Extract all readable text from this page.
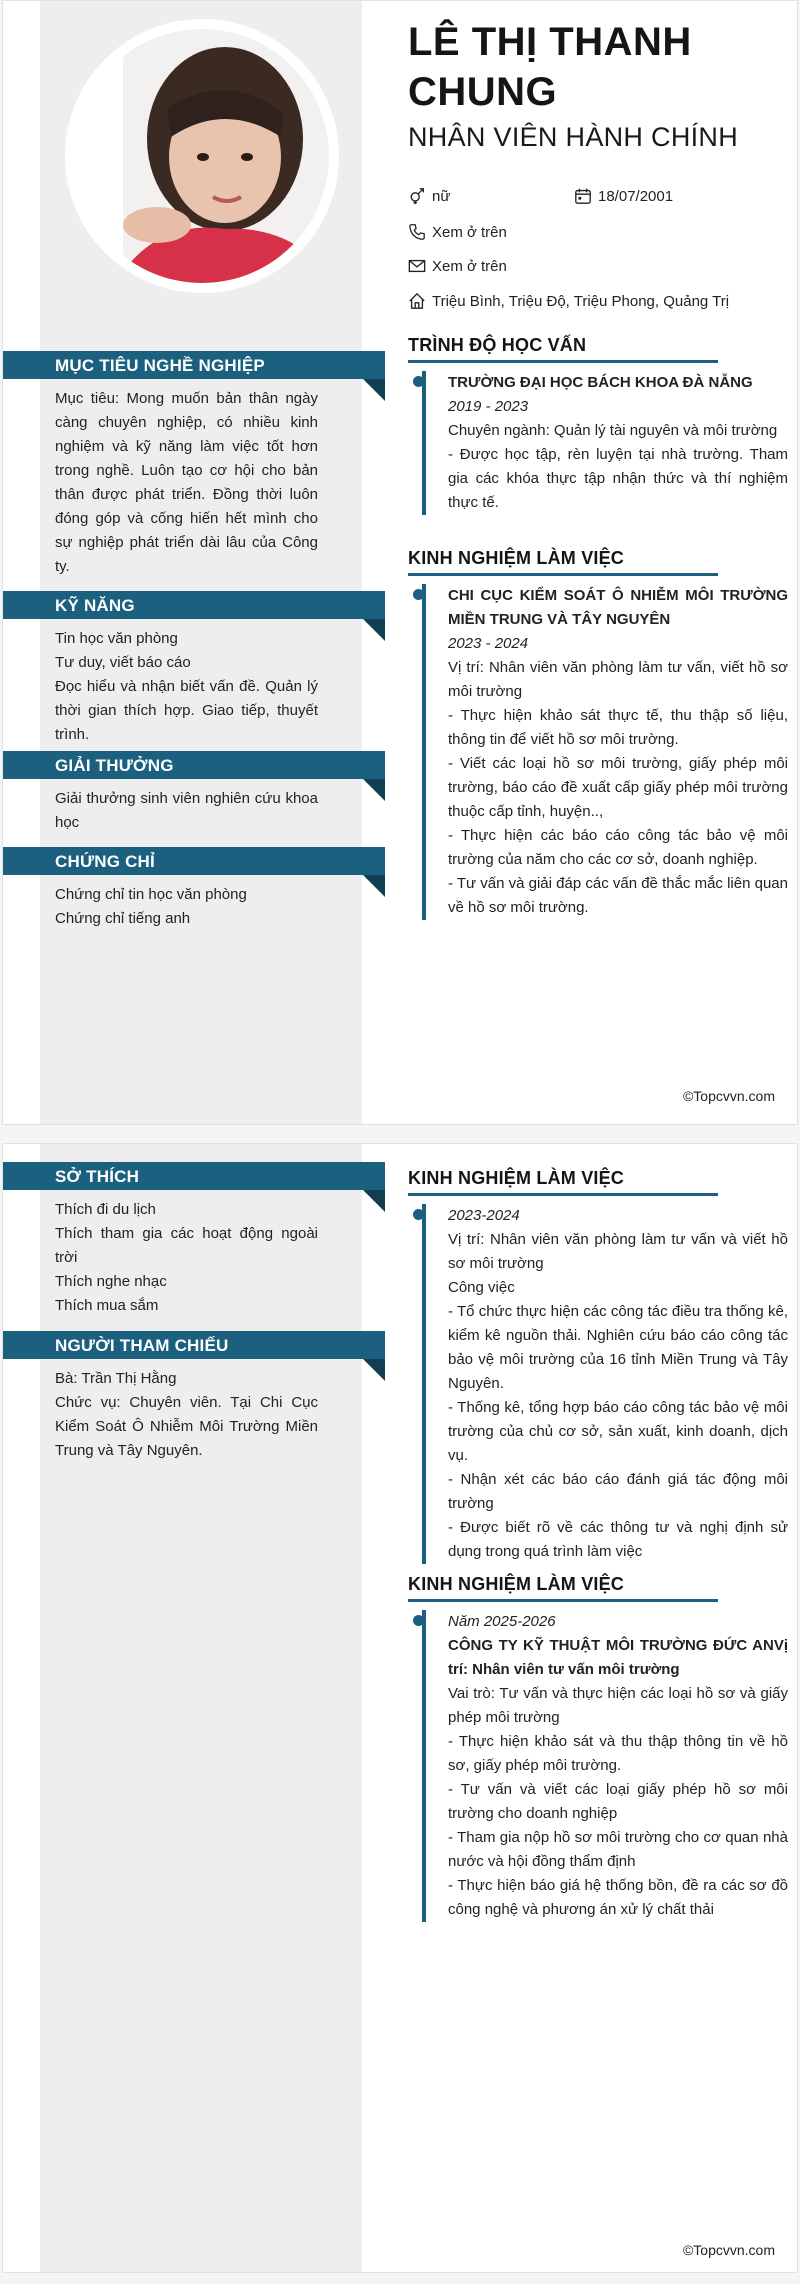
LÊ THỊ THANH
CHUNG
NHÂN VIÊN HÀNH CHÍNH
nữ	18/07/2001
Xem ở trên
Xem ở trên
Triệu Bình, Triệu Độ, Triệu Phong, Quảng Trị
MỤC TIÊU NGHỀ NGHIỆP
Mục tiêu: Mong muốn bản thân ngày càng chuyên nghiệp, có nhiều kinh nghiệm và kỹ năng làm việc tốt hơn trong nghề. Luôn tạo cơ hội cho bản thân được phát triển. Đồng thời luôn đóng góp và cống hiến hết mình cho sự nghiệp phát triển dài lâu của Công ty.
KỸ NĂNG
Tin học văn phòng
Tư duy, viết báo cáo
Đọc hiểu và nhận biết vấn đề. Quản lý thời gian thích hợp. Giao tiếp, thuyết trình.
GIẢI THƯỞNG
Giải thưởng sinh viên nghiên cứu khoa học
CHỨNG CHỈ
Chứng chỉ tin học văn phòng
Chứng chỉ tiếng anh
TRÌNH ĐỘ HỌC VẤN

TRƯỜNG ĐẠI HỌC BÁCH KHOA ĐÀ NẴNG

2019 - 2023

Chuyên ngành: Quản lý tài nguyên và môi trường

- Được học tập, rèn luyện tại nhà trường. Tham gia các khóa thực tập nhận thức và thí nghiệm thực tế.

KINH NGHIỆM LÀM VIỆC

CHI CỤC KIỂM SOÁT Ô NHIỄM MÔI TRƯỜNG MIỀN TRUNG VÀ TÂY NGUYÊN

2023 - 2024

Vị trí: Nhân viên văn phòng làm tư vấn, viết hồ sơ môi trường

- Thực hiện khảo sát thực tế, thu thập số liệu, thông tin để viết hồ sơ môi trường.

- Viết các loại hồ sơ môi trường, giấy phép môi trường, báo cáo đề xuất cấp giấy phép môi trường thuộc cấp tỉnh, huyện..,

- Thực hiện các báo cáo công tác bảo vệ môi trường của năm cho các cơ sở, doanh nghiệp.

- Tư vấn và giải đáp các vấn đề thắc mắc liên quan về hồ sơ môi trường.

©Topcvvn.com
SỞ THÍCH
Thích đi du lịch
Thích tham gia các hoạt động ngoài trời
Thích nghe nhạc
Thích mua sắm
NGƯỜI THAM CHIẾU
Bà: Trần Thị Hằng
Chức vụ: Chuyên viên. Tại Chi Cục Kiểm Soát Ô Nhiễm Môi Trường Miền Trung và Tây Nguyên.
KINH NGHIỆM LÀM VIỆC

2023-2024

Vị trí: Nhân viên văn phòng làm tư vấn và viết hồ sơ môi trường

Công việc

- Tổ chức thực hiện các công tác điều tra thống kê, kiểm kê nguồn thải. Nghiên cứu báo cáo công tác bảo vệ môi trường của 16 tỉnh Miền Trung và Tây Nguyên.

- Thống kê, tổng hợp báo cáo công tác bảo vệ môi trường của chủ cơ sở, sản xuất, kinh doanh, dịch vụ.

- Nhận xét các báo cáo đánh giá tác động môi trường

- Được biết rõ về các thông tư và nghị định sử dụng trong quá trình làm việc

KINH NGHIỆM LÀM VIỆC

Năm 2025-2026

CÔNG TY KỸ THUẬT MÔI TRƯỜNG ĐỨC ANVị trí: Nhân viên tư vấn môi trường

Vai trò: Tư vấn và thực hiện các loại hồ sơ và giấy phép môi trường

- Thực hiện khảo sát và thu thập thông tin về hồ sơ, giấy phép môi trường.

- Tư vấn và viết các loại giấy phép hồ sơ môi trường cho doanh nghiệp

- Tham gia nộp hồ sơ môi trường cho cơ quan nhà nước và hội đồng thẩm định

- Thực hiện báo giá hệ thống bồn, đề ra các sơ đồ công nghệ và phương án xử lý chất thải

©Topcvvn.com
